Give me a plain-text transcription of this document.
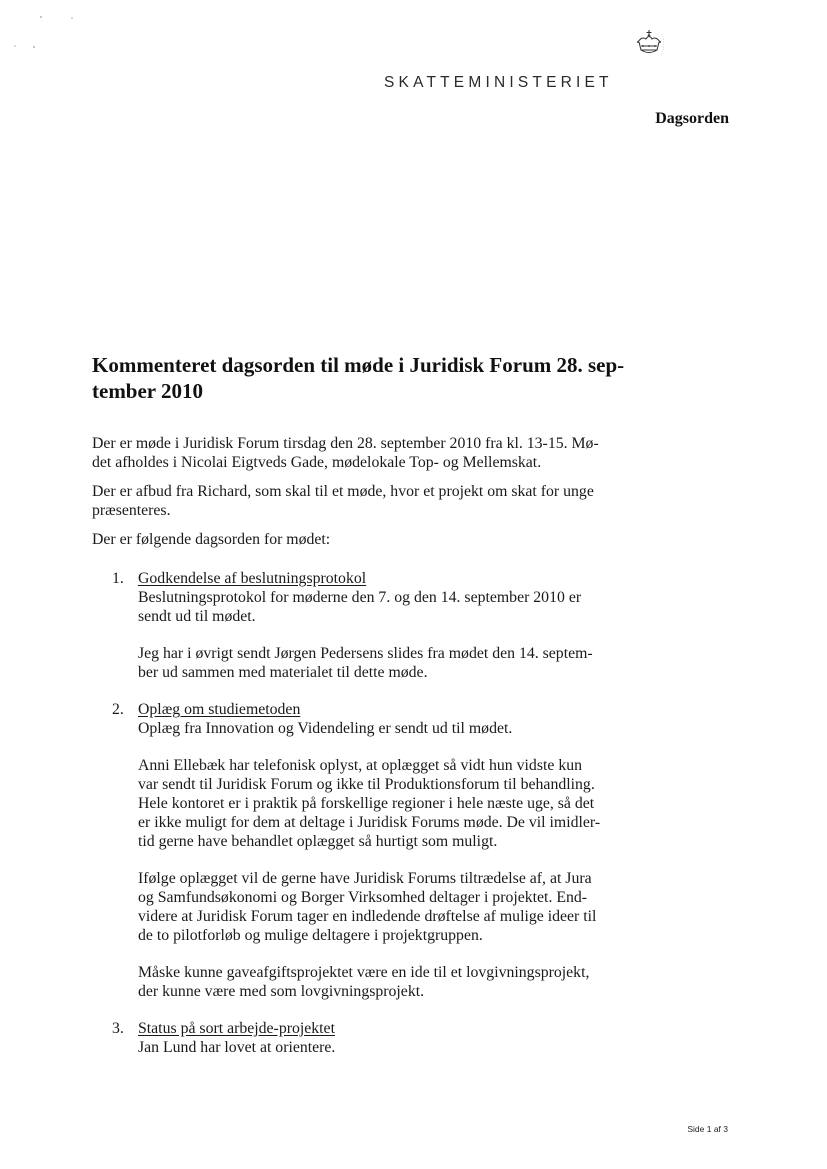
SKATTEMINISTERIET
Dagsorden
Kommenteret dagsorden til møde i Juridisk Forum 28. sep-
tember 2010

Der er møde i Juridisk Forum tirsdag den 28. september 2010 fra kl. 13-15. Mø-
det afholdes i Nicolai Eigtveds Gade, mødelokale Top- og Mellemskat.

Der er afbud fra Richard, som skal til et møde, hvor et projekt om skat for unge
præsenteres.

Der er følgende dagsorden for mødet:

1. Godkendelse af beslutningsprotokol

Beslutningsprotokol for møderne den 7. og den 14. september 2010 er
sendt ud til mødet.

Jeg har i øvrigt sendt Jørgen Pedersens slides fra mødet den 14. septem-
ber ud sammen med materialet til dette møde.

2. Oplæg om studiemetoden

Oplæg fra Innovation og Videndeling er sendt ud til mødet.

Anni Ellebæk har telefonisk oplyst, at oplægget så vidt hun vidste kun
var sendt til Juridisk Forum og ikke til Produktionsforum til behandling.
Hele kontoret er i praktik på forskellige regioner i hele næste uge, så det
er ikke muligt for dem at deltage i Juridisk Forums møde. De vil imidler-
tid gerne have behandlet oplægget så hurtigt som muligt.

Ifølge oplægget vil de gerne have Juridisk Forums tiltrædelse af, at Jura
og Samfundsøkonomi og Borger Virksomhed deltager i projektet. End-
videre at Juridisk Forum tager en indledende drøftelse af mulige ideer til
de to pilotforløb og mulige deltagere i projektgruppen.

Måske kunne gaveafgiftsprojektet være en ide til et lovgivningsprojekt,
der kunne være med som lovgivningsprojekt.

3. Status på sort arbejde-projektet

Jan Lund har lovet at orientere.

Side 1 af 3
